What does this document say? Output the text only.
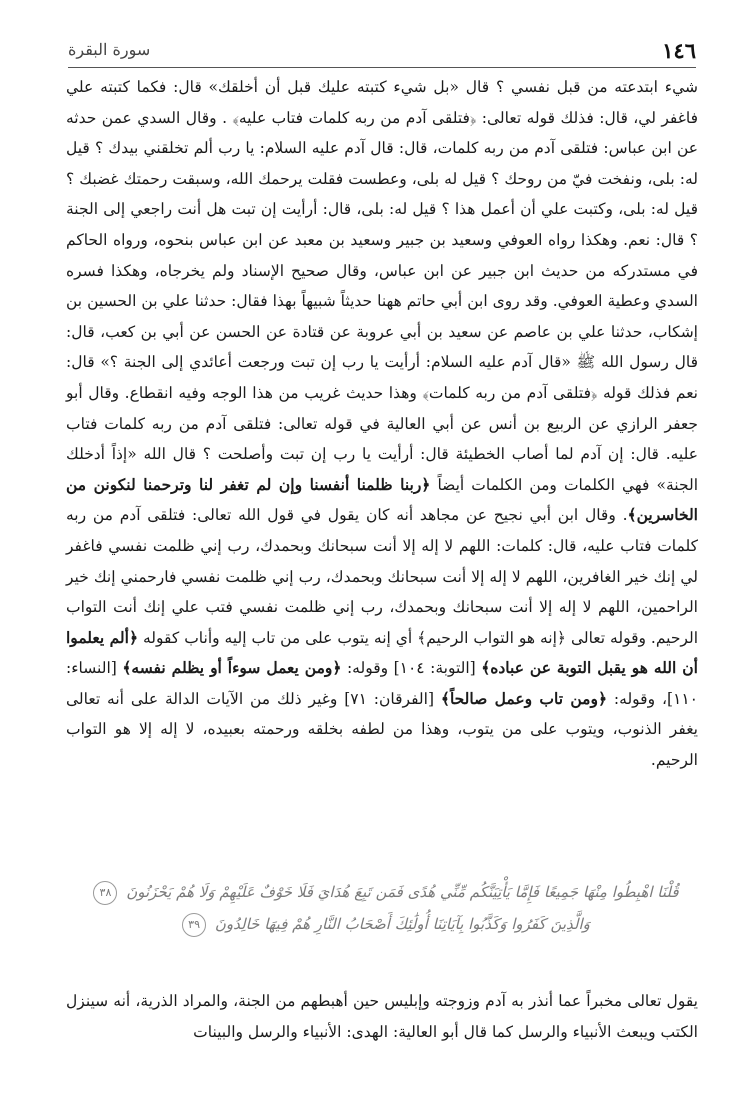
١٤٦
سورة البقرة

شيء ابتدعته من قبل نفسي ؟ قال «بل شيء كتبته عليك قبل أن أخلقك» قال: فكما كتبته علي فاغفر لي، قال: فذلك قوله تعالى: ﴿فتلقى آدم من ربه كلمات فتاب عليه﴾ . وقال السدي عمن حدثه عن ابن عباس: فتلقى آدم من ربه كلمات، قال: قال آدم عليه السلام: يا رب ألم تخلقني بيدك ؟ قيل له: بلى، ونفخت فيّ من روحك ؟ قيل له بلى، وعطست فقلت يرحمك الله، وسبقت رحمتك غضبك ؟ قيل له: بلى، وكتبت علي أن أعمل هذا ؟ قيل له: بلى، قال: أرأيت إن تبت هل أنت راجعي إلى الجنة ؟ قال: نعم. وهكذا رواه العوفي وسعيد بن جبير وسعيد بن معبد عن ابن عباس بنحوه، ورواه الحاكم في مستدركه من حديث ابن جبير عن ابن عباس، وقال صحيح الإسناد ولم يخرجاه، وهكذا فسره السدي وعطية العوفي. وقد روى ابن أبي حاتم ههنا حديثاً شبيهاً بهذا فقال: حدثنا علي بن الحسين بن إشكاب، حدثنا علي بن عاصم عن سعيد بن أبي عروبة عن قتادة عن الحسن عن أبي بن كعب، قال: قال رسول الله ﷺ «قال آدم عليه السلام: أرأيت يا رب إن تبت ورجعت أعائدي إلى الجنة ؟» قال: نعم فذلك قوله ﴿فتلقى آدم من ربه كلمات﴾ وهذا حديث غريب من هذا الوجه وفيه انقطاع. وقال أبو جعفر الرازي عن الربيع بن أنس عن أبي العالية في قوله تعالى: فتلقى آدم من ربه كلمات فتاب عليه. قال: إن آدم لما أصاب الخطيئة قال: أرأيت يا رب إن تبت وأصلحت ؟ قال الله «إذاً أدخلك الجنة» فهي الكلمات ومن الكلمات أيضاً ﴿ربنا ظلمنا أنفسنا وإن لم تغفر لنا وترحمنا لنكونن من الخاسرين﴾. وقال ابن أبي نجيح عن مجاهد أنه كان يقول في قول الله تعالى: فتلقى آدم من ربه كلمات فتاب عليه، قال: كلمات: اللهم لا إله إلا أنت سبحانك وبحمدك، رب إني ظلمت نفسي فاغفر لي إنك خير الغافرين، اللهم لا إله إلا أنت سبحانك وبحمدك، رب إني ظلمت نفسي فارحمني إنك خير الراحمين، اللهم لا إله إلا أنت سبحانك وبحمدك، رب إني ظلمت نفسي فتب علي إنك أنت التواب الرحيم. وقوله تعالى ﴿إنه هو التواب الرحيم﴾ أي إنه يتوب على من تاب إليه وأناب كقوله ﴿ألم يعلموا أن الله هو يقبل التوبة عن عباده﴾ [التوبة: ١٠٤] وقوله: ﴿ومن يعمل سوءاً أو يظلم نفسه﴾ [النساء: ١١٠]، وقوله: ﴿ومن تاب وعمل صالحاً﴾ [الفرقان: ٧١] وغير ذلك من الآيات الدالة على أنه تعالى يغفر الذنوب، ويتوب على من يتوب، وهذا من لطفه بخلقه ورحمته بعبيده، لا إله إلا هو التواب الرحيم.

قُلْنَا اهْبِطُوا مِنْهَا جَمِيعًا فَإِمَّا يَأْتِيَنَّكُم مِّنِّي هُدًى فَمَن تَبِعَ هُدَايَ فَلَا خَوْفٌ عَلَيْهِمْ وَلَا هُمْ يَحْزَنُونَ ٣٨
وَالَّذِينَ كَفَرُوا وَكَذَّبُوا بِآيَاتِنَا أُولَٰئِكَ أَصْحَابُ النَّارِ هُمْ فِيهَا خَالِدُونَ ٣٩

يقول تعالى مخبراً عما أنذر به آدم وزوجته وإبليس حين أهبطهم من الجنة، والمراد الذرية، أنه سينزل الكتب ويبعث الأنبياء والرسل كما قال أبو العالية: الهدى: الأنبياء والرسل والبينات
